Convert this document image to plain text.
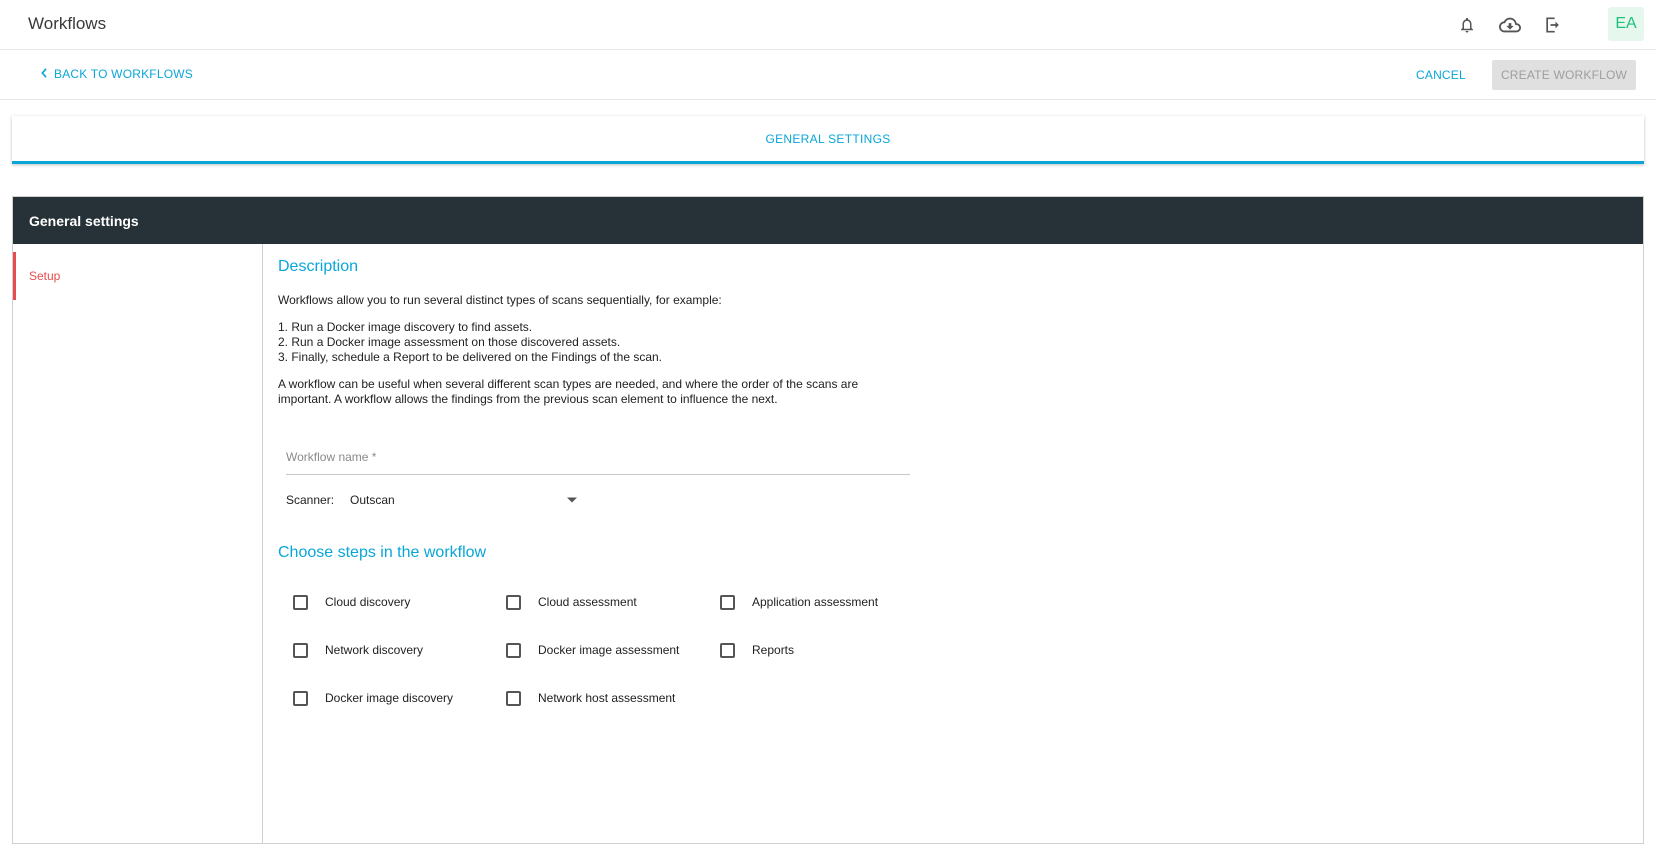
Workflows	EA
BACK TO WORKFLOWS	CANCEL	CREATE WORKFLOW
GENERAL SETTINGS
General settings
Setup
Description
Workflows allow you to run several distinct types of scans sequentially, for example:
1. Run a Docker image discovery to find assets.
2. Run a Docker image assessment on those discovered assets.
3. Finally, schedule a Report to be delivered on the Findings of the scan.
A workflow can be useful when several different scan types are needed, and where the order of the scans are important. A workflow allows the findings from the previous scan element to influence the next.
Workflow name *
Scanner: Outscan
Choose steps in the workflow
Cloud discovery	Cloud assessment	Application assessment
Network discovery	Docker image assessment	Reports
Docker image discovery	Network host assessment
